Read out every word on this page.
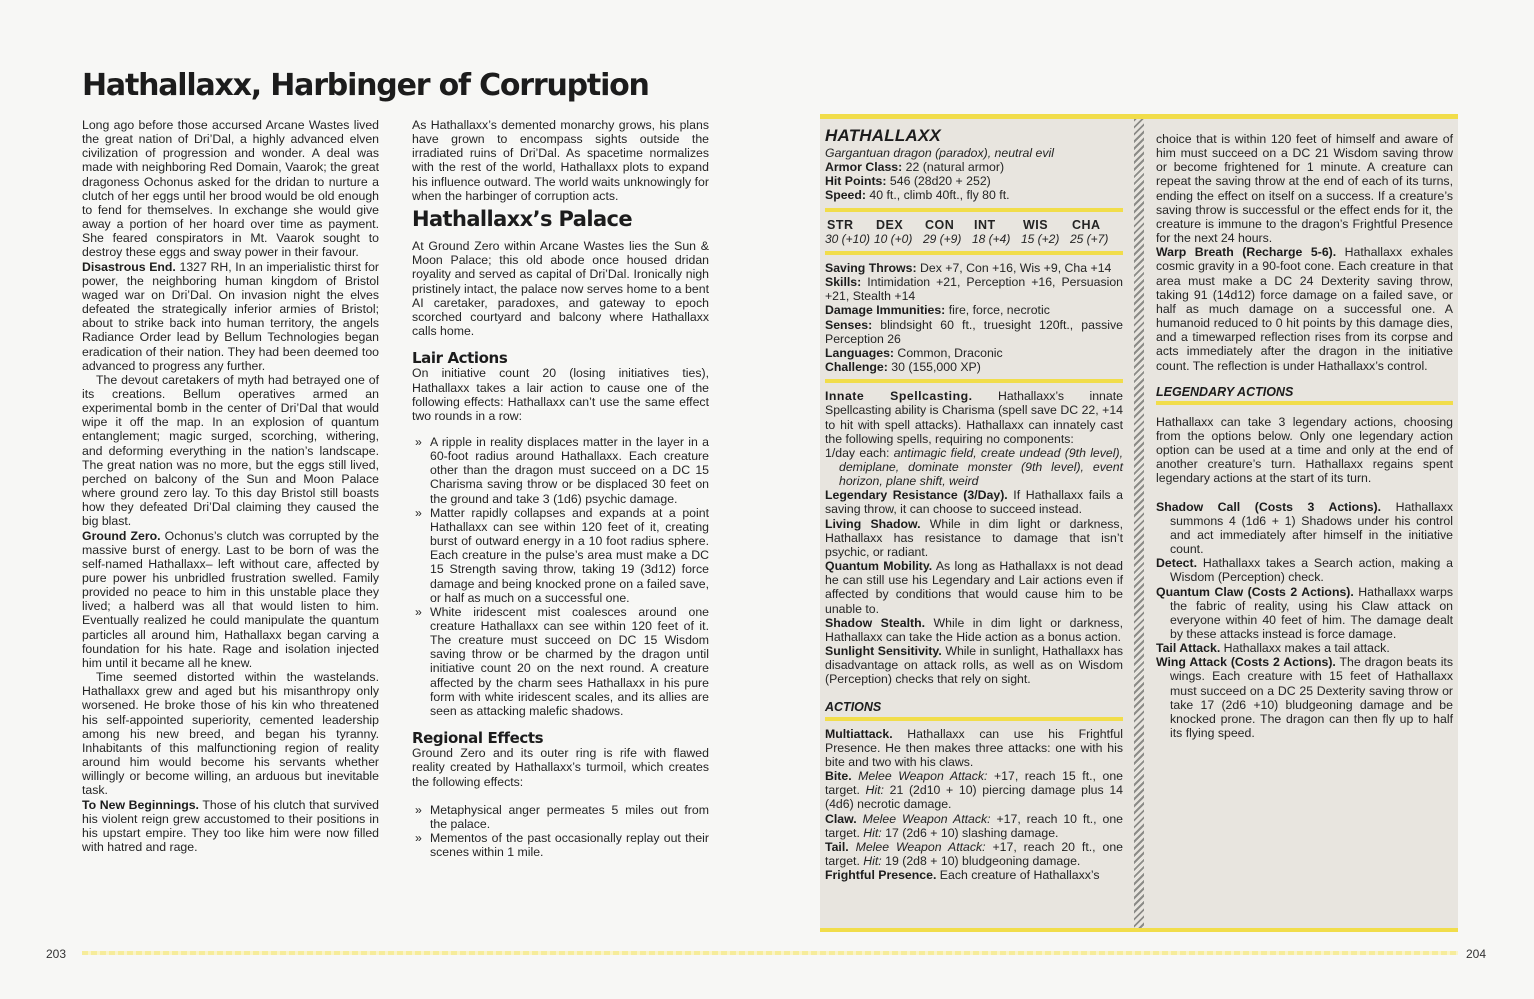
Hathallaxx, Harbinger of Corruption

Long ago before those accursed Arcane Wastes lived the great nation of Dri’Dal, a highly advanced elven civilization of progression and wonder. A deal was made with neighboring Red Domain, Vaarok; the great dragoness Ochonus asked for the dridan to nurture a clutch of her eggs until her brood would be old enough to fend for themselves. In exchange she would give away a portion of her hoard over time as payment. She feared conspirators in Mt. Vaarok sought to destroy these eggs and sway power in their favour.

Disastrous End. 1327 RH, In an imperialistic thirst for power, the neighboring human kingdom of Bristol waged war on Dri’Dal. On invasion night the elves defeated the strategically inferior armies of Bristol; about to strike back into human territory, the angels Radiance Order lead by Bellum Technologies began eradication of their nation. They had been deemed too advanced to progress any further.

The devout caretakers of myth had betrayed one of its creations. Bellum operatives armed an experimental bomb in the center of Dri’Dal that would wipe it off the map. In an explosion of quantum entanglement; magic surged, scorching, withering, and deforming everything in the nation’s landscape. The great nation was no more, but the eggs still lived, perched on balcony of the Sun and Moon Palace where ground zero lay. To this day Bristol still boasts how they defeated Dri’Dal claiming they caused the big blast.

Ground Zero. Ochonus’s clutch was corrupted by the massive burst of energy. Last to be born of was the self-named Hathallaxx– left without care, affected by pure power his unbridled frustration swelled. Family provided no peace to him in this unstable place they lived; a halberd was all that would listen to him. Eventually realized he could manipulate the quantum particles all around him, Hathallaxx began carving a foundation for his hate. Rage and isolation injected him until it became all he knew.

Time seemed distorted within the wastelands. Hathallaxx grew and aged but his misanthropy only worsened. He broke those of his kin who threatened his self-appointed superiority, cemented leadership among his new breed, and began his tyranny. Inhabitants of this malfunctioning region of reality around him would become his servants whether willingly or become willing, an arduous but inevitable task.

To New Beginnings. Those of his clutch that survived his violent reign grew accustomed to their positions in his upstart empire. They too like him were now filled with hatred and rage.

As Hathallaxx’s demented monarchy grows, his plans have grown to encompass sights outside the irradiated ruins of Dri’Dal. As spacetime normalizes with the rest of the world, Hathallaxx plots to expand his influence outward. The world waits unknowingly for when the harbinger of corruption acts.

Hathallaxx’s Palace

At Ground Zero within Arcane Wastes lies the Sun & Moon Palace; this old abode once housed dridan royality and served as capital of Dri’Dal. Ironically nigh pristinely intact, the palace now serves home to a bent AI caretaker, paradoxes, and gateway to epoch scorched courtyard and balcony where Hathallaxx calls home.

Lair Actions

On initiative count 20 (losing initiatives ties), Hathallaxx takes a lair action to cause one of the following effects: Hathallaxx can’t use the same effect two rounds in a row:

» A ripple in reality displaces matter in the layer in a 60-foot radius around Hathallaxx. Each creature other than the dragon must succeed on a DC 15 Charisma saving throw or be displaced 30 feet on the ground and take 3 (1d6) psychic damage.
» Matter rapidly collapses and expands at a point Hathallaxx can see within 120 feet of it, creating burst of outward energy in a 10 foot radius sphere. Each creature in the pulse’s area must make a DC 15 Strength saving throw, taking 19 (3d12) force damage and being knocked prone on a failed save, or half as much on a successful one.
» White iridescent mist coalesces around one creature Hathallaxx can see within 120 feet of it. The creature must succeed on DC 15 Wisdom saving throw or be charmed by the dragon until initiative count 20 on the next round. A creature affected by the charm sees Hathallaxx in his pure form with white iridescent scales, and its allies are seen as attacking malefic shadows.
Regional Effects

Ground Zero and its outer ring is rife with flawed reality created by Hathallaxx’s turmoil, which creates the following effects:

» Metaphysical anger permeates 5 miles out from the palace.
» Mementos of the past occasionally replay out their scenes within 1 mile.
HATHALLAXX

Gargantuan dragon (paradox), neutral evil

Armor Class: 22 (natural armor)

Hit Points: 546 (28d20 + 252)

Speed: 40 ft., climb 40ft., fly 80 ft.

STR
30 (+10)
DEX
10 (+0)
CON
29 (+9)
INT
18 (+4)
WIS
15 (+2)
CHA
25 (+7)

Saving Throws: Dex +7, Con +16, Wis +9, Cha +14

Skills: Intimidation +21, Perception +16, Persuasion +21, Stealth +14

Damage Immunities: fire, force, necrotic

Senses: blindsight 60 ft., truesight 120ft., passive Perception 26

Languages: Common, Draconic

Challenge: 30 (155,000 XP)

Innate Spellcasting. Hathallaxx’s innate Spellcasting ability is Charisma (spell save DC 22, +14 to hit with spell attacks). Hathallaxx can innately cast the following spells, requiring no components:

1/day each: antimagic field, create undead (9th level), demiplane, dominate monster (9th level), event horizon, plane shift, weird

Legendary Resistance (3/Day). If Hathallaxx fails a saving throw, it can choose to succeed instead.

Living Shadow. While in dim light or darkness, Hathallaxx has resistance to damage that isn’t psychic, or radiant.

Quantum Mobility. As long as Hathallaxx is not dead he can still use his Legendary and Lair actions even if affected by conditions that would cause him to be unable to.

Shadow Stealth. While in dim light or darkness, Hathallaxx can take the Hide action as a bonus action.

Sunlight Sensitivity. While in sunlight, Hathallaxx has disadvantage on attack rolls, as well as on Wisdom (Perception) checks that rely on sight.

ACTIONS

Multiattack. Hathallaxx can use his Frightful Presence. He then makes three attacks: one with his bite and two with his claws.

Bite. Melee Weapon Attack: +17, reach 15 ft., one target. Hit: 21 (2d10 + 10) piercing damage plus 14 (4d6) necrotic damage.

Claw. Melee Weapon Attack: +17, reach 10 ft., one target. Hit: 17 (2d6 + 10) slashing damage.

Tail. Melee Weapon Attack: +17, reach 20 ft., one target. Hit: 19 (2d8 + 10) bludgeoning damage.

Frightful Presence. Each creature of Hathallaxx’s

choice that is within 120 feet of himself and aware of him must succeed on a DC 21 Wisdom saving throw or become frightened for 1 minute. A creature can repeat the saving throw at the end of each of its turns, ending the effect on itself on a success. If a creature’s saving throw is successful or the effect ends for it, the creature is immune to the dragon’s Frightful Presence for the next 24 hours.

Warp Breath (Recharge 5-6). Hathallaxx exhales cosmic gravity in a 90-foot cone. Each creature in that area must make a DC 24 Dexterity saving throw, taking 91 (14d12) force damage on a failed save, or half as much damage on a successful one. A humanoid reduced to 0 hit points by this damage dies, and a timewarped reflection rises from its corpse and acts immediately after the dragon in the initiative count. The reflection is under Hathallaxx’s control.

LEGENDARY ACTIONS

Hathallaxx can take 3 legendary actions, choosing from the options below. Only one legendary action option can be used at a time and only at the end of another creature’s turn. Hathallaxx regains spent legendary actions at the start of its turn.

Shadow Call (Costs 3 Actions). Hathallaxx summons 4 (1d6 + 1) Shadows under his control and act immediately after himself in the initiative count.

Detect. Hathallaxx takes a Search action, making a Wisdom (Perception) check.

Quantum Claw (Costs 2 Actions). Hathallaxx warps the fabric of reality, using his Claw attack on everyone within 40 feet of him. The damage dealt by these attacks instead is force damage.

Tail Attack. Hathallaxx makes a tail attack.

Wing Attack (Costs 2 Actions). The dragon beats its wings. Each creature with 15 feet of Hathallaxx must succeed on a DC 25 Dexterity saving throw or take 17 (2d6 +10) bludgeoning damage and be knocked prone. The dragon can then fly up to half its flying speed.

203	204
